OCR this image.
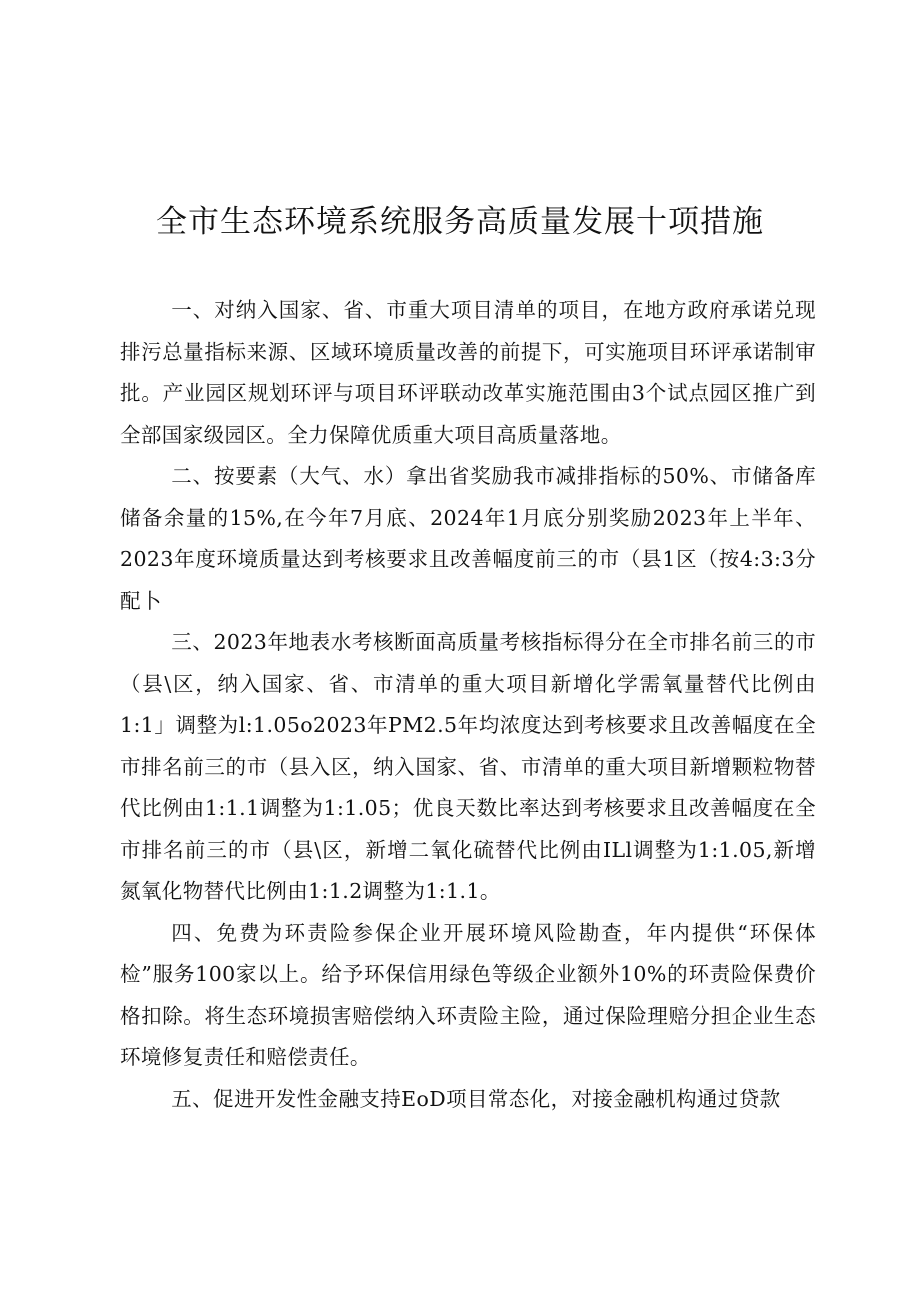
全市生态环境系统服务高质量发展十项措施

一、对纳入国家、省、市重大项目清单的项目，在地方政府承诺兑现排污总量指标来源、区域环境质量改善的前提下，可实施项目环评承诺制审批。产业园区规划环评与项目环评联动改革实施范围由3个试点园区推广到全部国家级园区。全力保障优质重大项目高质量落地。

二、按要素（大气、水）拿出省奖励我市减排指标的50%、市储备库储备余量的15%,在今年7月底、2024年1月底分别奖励2023年上半年、2023年度环境质量达到考核要求且改善幅度前三的市（县1区（按4:3:3分配卜

三、2023年地表水考核断面高质量考核指标得分在全市排名前三的市（县\区，纳入国家、省、市清单的重大项目新增化学需氧量替代比例由1:1」调整为l:1.05o2023年PM2.5年均浓度达到考核要求且改善幅度在全市排名前三的市（县入区，纳入国家、省、市清单的重大项目新增颗粒物替代比例由1:1.1调整为1:1.05；优良天数比率达到考核要求且改善幅度在全市排名前三的市（县\区，新增二氧化硫替代比例由ILl调整为1:1.05,新增氮氧化物替代比例由1:1.2调整为1:1.1。

四、免费为环责险参保企业开展环境风险勘查，年内提供“环保体检”服务100家以上。给予环保信用绿色等级企业额外10%的环责险保费价格扣除。将生态环境损害赔偿纳入环责险主险，通过保险理赔分担企业生态环境修复责任和赔偿责任。

五、促进开发性金融支持EoD项目常态化，对接金融机构通过贷款
